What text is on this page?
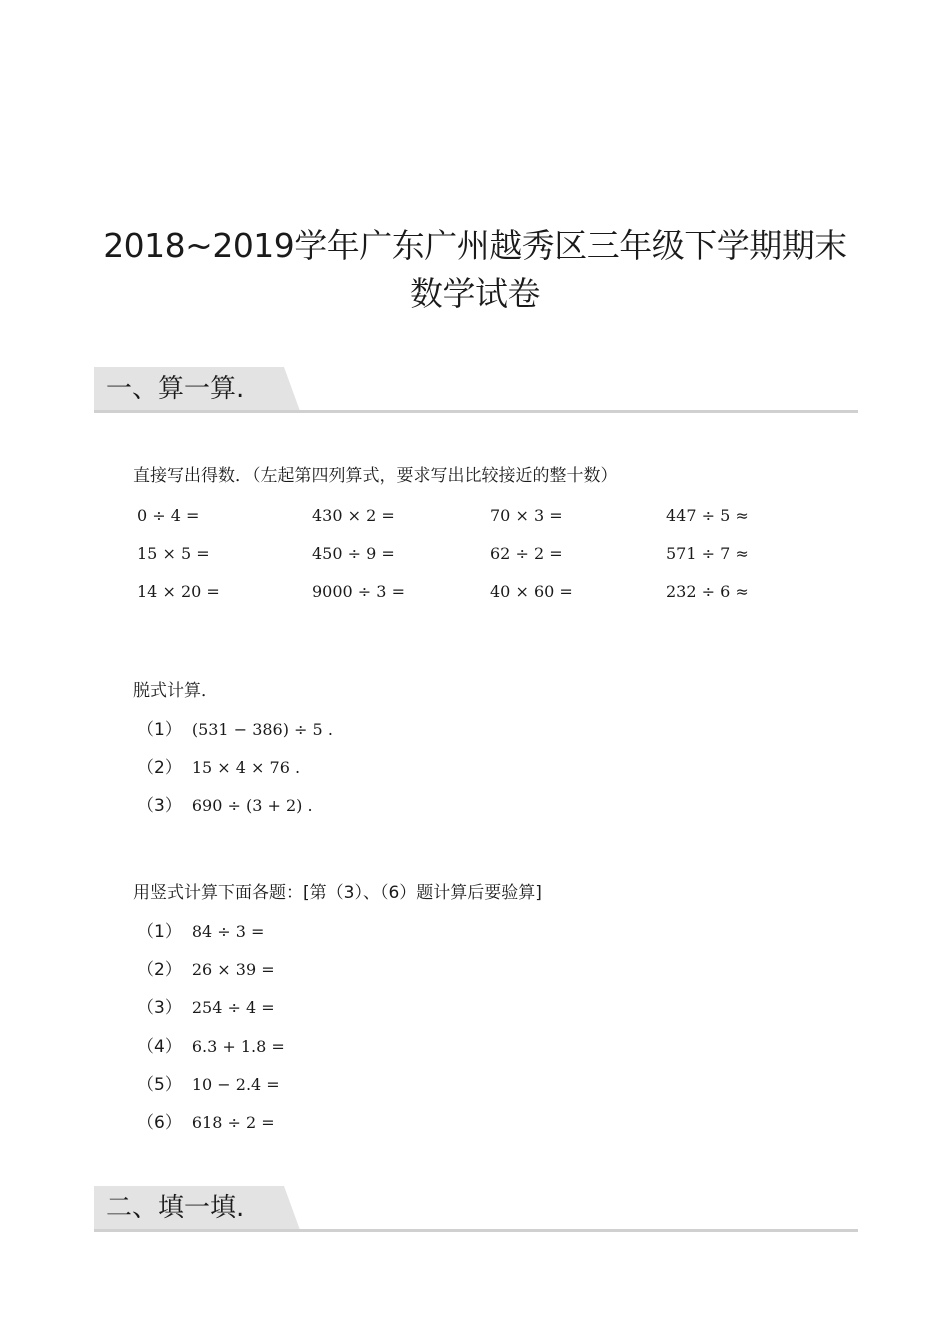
2018~2019学年广东广州越秀区三年级下学期期末
数学试卷
一、算一算.
直接写出得数．（左起第四列算式，要求写出比较接近的整十数）
0 ÷ 4 =	430 × 2 =	70 × 3 =	447 ÷ 5 ≈
15 × 5 =	450 ÷ 9 =	62 ÷ 2 =	571 ÷ 7 ≈
14 × 20 =	9000 ÷ 3 =	40 × 60 =	232 ÷ 6 ≈
脱式计算．
（1） (531 − 386) ÷ 5 .
（2） 15 × 4 × 76 .
（3） 690 ÷ (3 + 2) .
用竖式计算下面各题：[第（3）、（6）题计算后要验算]
（1） 84 ÷ 3 =
（2） 26 × 39 =
（3） 254 ÷ 4 =
（4） 6.3 + 1.8 =
（5） 10 − 2.4 =
（6） 618 ÷ 2 =
二、填一填.
